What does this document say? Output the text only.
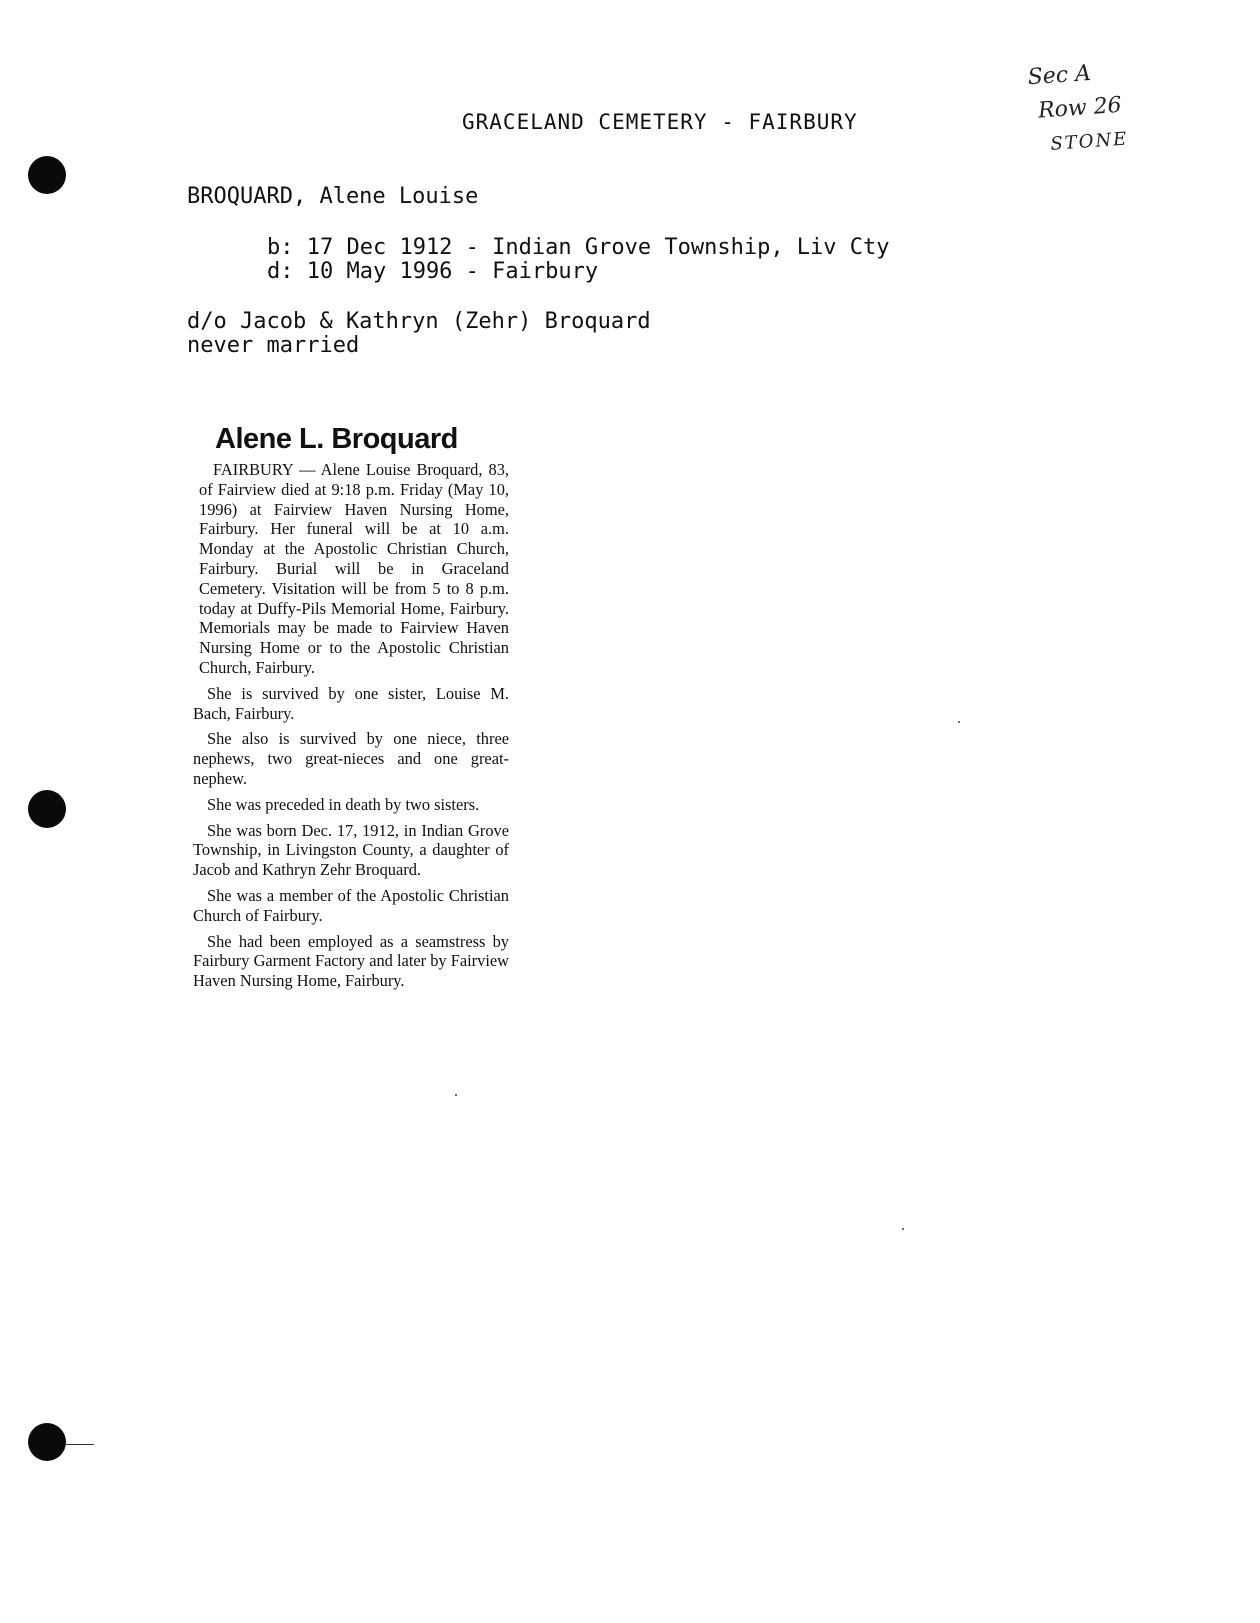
Sec A
Row 26
STONE
GRACELAND CEMETERY - FAIRBURY
BROQUARD, Alene Louise
b: 17 Dec 1912 - Indian Grove Township, Liv Cty
d: 10 May 1996 - Fairbury
d/o Jacob & Kathryn (Zehr) Broquard
never married
Alene L. Broquard

FAIRBURY — Alene Louise Broquard, 83, of Fairview died at 9:18 p.m. Friday (May 10, 1996) at Fairview Haven Nursing Home, Fairbury. Her funeral will be at 10 a.m. Monday at the Apostolic Christian Church, Fairbury. Burial will be in Graceland Cemetery. Visitation will be from 5 to 8 p.m. today at Duffy-Pils Memorial Home, Fairbury. Memorials may be made to Fairview Haven Nursing Home or to the Apostolic Christian Church, Fairbury.

She is survived by one sister, Louise M. Bach, Fairbury.

She also is survived by one niece, three nephews, two great-nieces and one great-nephew.

She was preceded in death by two sisters.

She was born Dec. 17, 1912, in Indian Grove Township, in Livingston County, a daughter of Jacob and Kathryn Zehr Broquard.

She was a member of the Apostolic Christian Church of Fairbury.

She had been employed as a seamstress by Fairbury Garment Factory and later by Fairview Haven Nursing Home, Fairbury.
